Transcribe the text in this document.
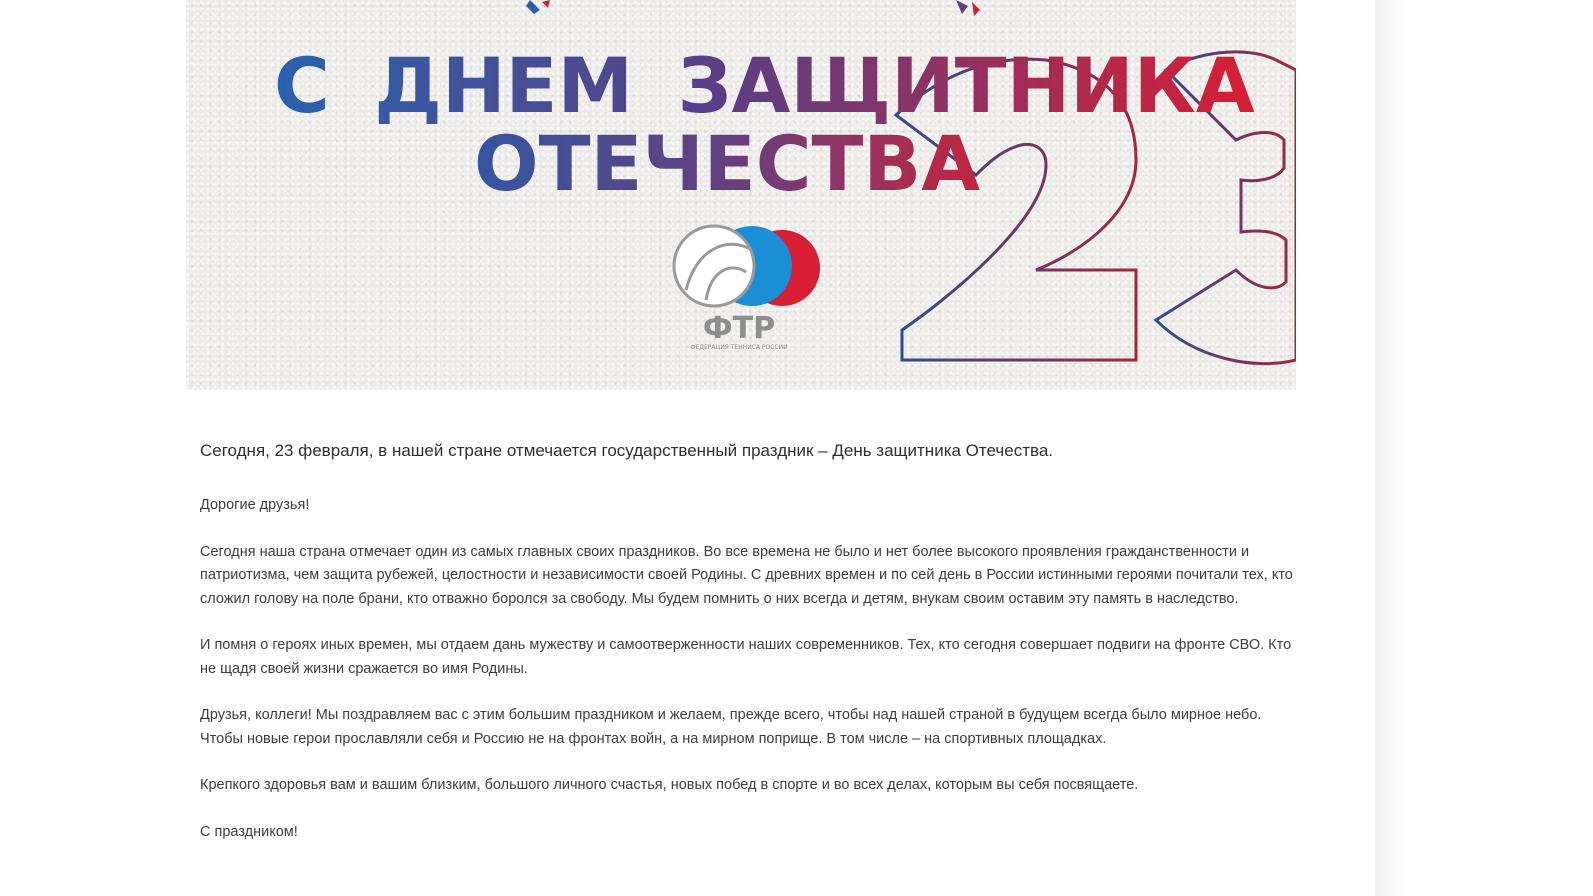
С ДНЕМ ЗАЩИТНИКА
ОТЕЧЕСТВА
ФТР
ФЕДЕРАЦИЯ ТЕННИСА РОССИИ

Сегодня, 23 февраля, в нашей стране отмечается государственный праздник – День защитника Отечества.

Дорогие друзья!

Сегодня наша страна отмечает один из самых главных своих праздников. Во все времена не было и нет более высокого проявления гражданственности и патриотизма, чем защита рубежей, целостности и независимости своей Родины. С древних времен и по сей день в России истинными героями почитали тех, кто сложил голову на поле брани, кто отважно боролся за свободу. Мы будем помнить о них всегда и детям, внукам своим оставим эту память в наследство.

И помня о героях иных времен, мы отдаем дань мужеству и самоотверженности наших современников. Тех, кто сегодня совершает подвиги на фронте СВО. Кто не щадя своей жизни сражается во имя Родины.

Друзья, коллеги! Мы поздравляем вас с этим большим праздником и желаем, прежде всего, чтобы над нашей страной в будущем всегда было мирное небо. Чтобы новые герои прославляли себя и Россию не на фронтах войн, а на мирном поприще. В том числе – на спортивных площадках.

Крепкого здоровья вам и вашим близким, большого личного счастья, новых побед в спорте и во всех делах, которым вы себя посвящаете.

С праздником!
